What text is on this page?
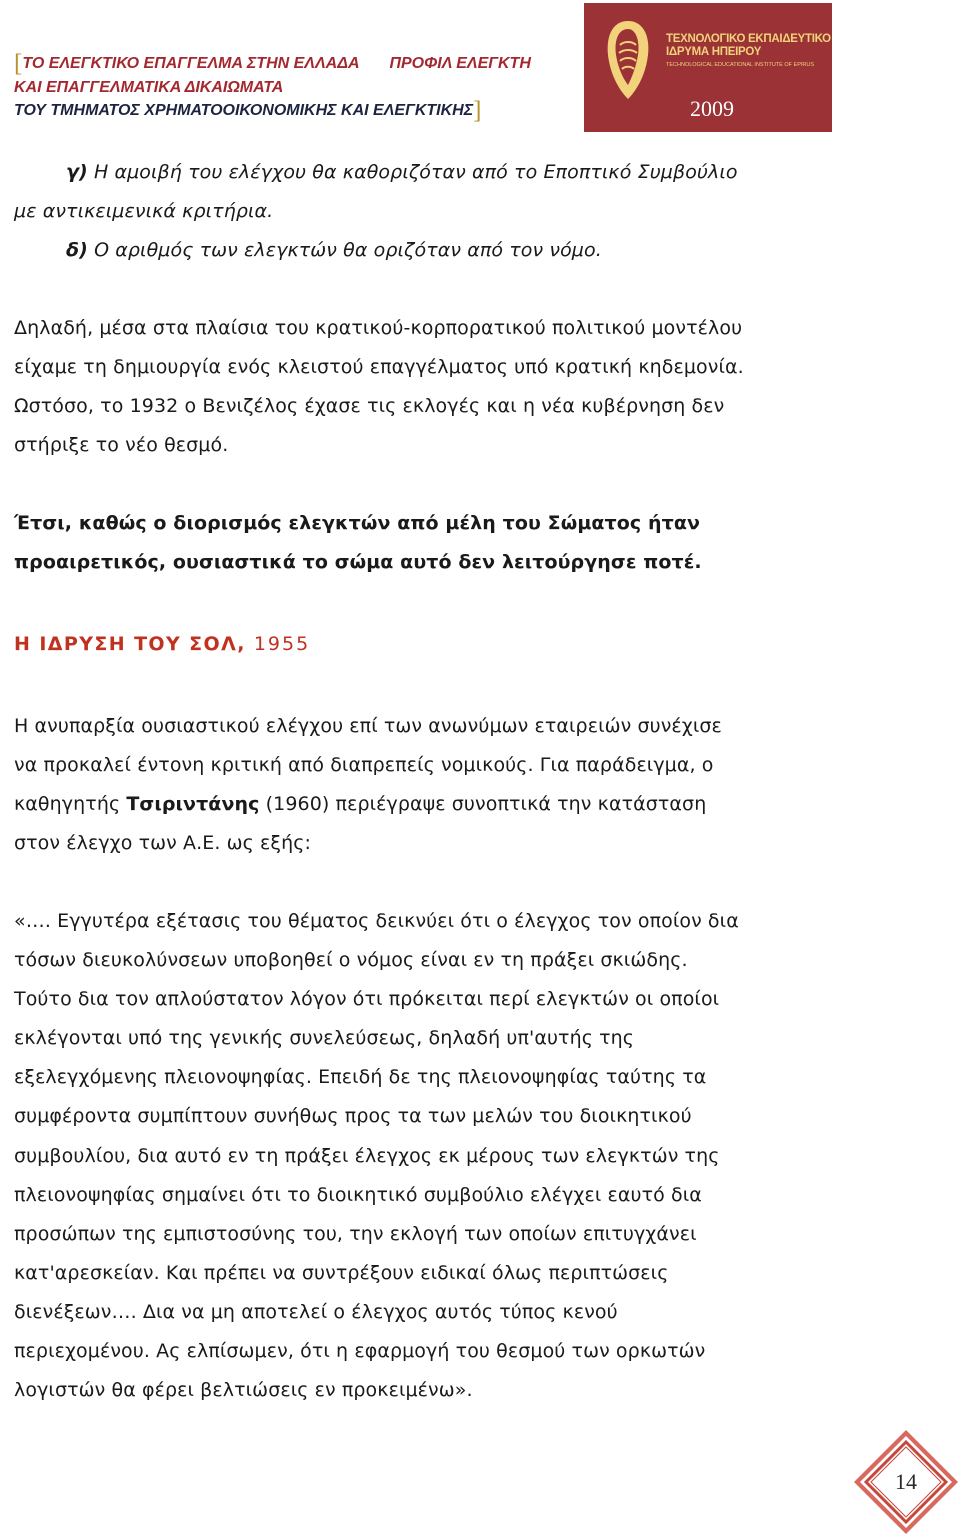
[ΤΟ ΕΛΕΓΚΤΙΚΟ ΕΠΑΓΓΕΛΜΑ ΣΤΗΝ ΕΛΛΑΔΑ ΠΡΟΦΙΛ ΕΛΕΓΚΤΗ
ΚΑΙ ΕΠΑΓΓΕΛΜΑΤΙΚΑ ΔΙΚΑΙΩΜΑΤΑ
ΤΟΥ ΤΜΗΜΑΤΟΣ ΧΡΗΜΑΤΟΟΙΚΟΝΟΜΙΚΗΣ ΚΑΙ ΕΛΕΓΚΤΙΚΗΣ]
ΤΕΧΝΟΛΟΓΙΚΟ ΕΚΠΑΙΔΕΥΤΙΚΟ
ΙΔΡΥΜΑ ΗΠΕΙΡΟΥ
TECHNOLOGICAL EDUCATIONAL INSTITUTE OF EPIRUS
2009

γ) Η αμοιβή του ελέγχου θα καθοριζόταν από το Εποπτικό Συμβούλιο
με αντικειμενικά κριτήρια.

δ) Ο αριθμός των ελεγκτών θα οριζόταν από τον νόμο.

Δηλαδή, μέσα στα πλαίσια του κρατικού-κορπορατικού πολιτικού μοντέλου
είχαμε τη δημιουργία ενός κλειστού επαγγέλματος υπό κρατική κηδεμονία.
Ωστόσο, το 1932 ο Βενιζέλος έχασε τις εκλογές και η νέα κυβέρνηση δεν
στήριξε το νέο θεσμό.

Έτσι, καθώς ο διορισμός ελεγκτών από μέλη του Σώματος ήταν
προαιρετικός, ουσιαστικά το σώμα αυτό δεν λειτούργησε ποτέ.

Η ΙΔΡΥΣΗ ΤΟΥ ΣΟΛ, 1955

Η ανυπαρξία ουσιαστικού ελέγχου επί των ανωνύμων εταιρειών συνέχισε
να προκαλεί έντονη κριτική από διαπρεπείς νομικούς. Για παράδειγμα, ο
καθηγητής Τσιριντάνης (1960) περιέγραψε συνοπτικά την κατάσταση
στον έλεγχο των Α.Ε. ως εξής:

«…. Εγγυτέρα εξέτασις του θέματος δεικνύει ότι ο έλεγχος τον οποίον δια
τόσων διευκολύνσεων υποβοηθεί ο νόμος είναι εν τη πράξει σκιώδης.
Τούτο δια τον απλούστατον λόγον ότι πρόκειται περί ελεγκτών οι οποίοι
εκλέγονται υπό της γενικής συνελεύσεως, δηλαδή υπ'αυτής της
εξελεγχόμενης πλειονοψηφίας. Επειδή δε της πλειονοψηφίας ταύτης τα
συμφέροντα συμπίπτουν συνήθως προς τα των μελών του διοικητικού
συμβουλίου, δια αυτό εν τη πράξει έλεγχος εκ μέρους των ελεγκτών της
πλειονοψηφίας σημαίνει ότι το διοικητικό συμβούλιο ελέγχει εαυτό δια
προσώπων της εμπιστοσύνης του, την εκλογή των οποίων επιτυγχάνει
κατ'αρεσκείαν. Και πρέπει να συντρέξουν ειδικαί όλως περιπτώσεις
διενέξεων…. Δια να μη αποτελεί ο έλεγχος αυτός τύπος κενού
περιεχομένου. Ας ελπίσωμεν, ότι η εφαρμογή του θεσμού των ορκωτών
λογιστών θα φέρει βελτιώσεις εν προκειμένω».

14
